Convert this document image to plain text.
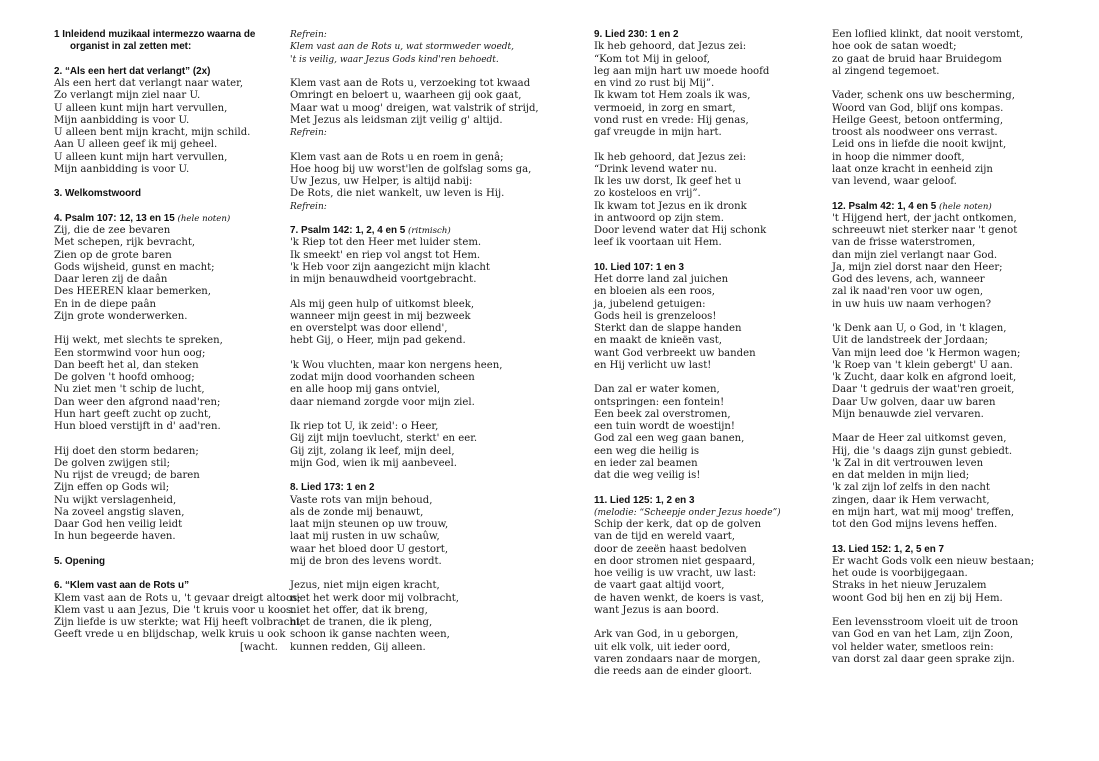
1 Inleidend muzikaal intermezzo waarna de
organist in zal zetten met:
2. “Als een hert dat verlangt” (2x)
Als een hert dat verlangt naar water,
Zo verlangt mijn ziel naar U.
U alleen kunt mijn hart vervullen,
Mijn aanbidding is voor U.
U alleen bent mijn kracht, mijn schild.
Aan U alleen geef ik mij geheel.
U alleen kunt mijn hart vervullen,
Mijn aanbidding is voor U.
3. Welkomstwoord
4. Psalm 107: 12, 13 en 15 (hele noten)
Zij, die de zee bevaren
Met schepen, rijk bevracht,
Zien op de grote baren
Gods wijsheid, gunst en macht;
Daar leren zij de daân
Des HEEREN klaar bemerken,
En in de diepe paân
Zijn grote wonderwerken.
Hij wekt, met slechts te spreken,
Een stormwind voor hun oog;
Dan beeft het al, dan steken
De golven 't hoofd omhoog;
Nu ziet men 't schip de lucht,
Dan weer den afgrond naad'ren;
Hun hart geeft zucht op zucht,
Hun bloed verstijft in d' aad'ren.
Hij doet den storm bedaren;
De golven zwijgen stil;
Nu rijst de vreugd; de baren
Zijn effen op Gods wil;
Nu wijkt verslagenheid,
Na zoveel angstig slaven,
Daar God hen veilig leidt
In hun begeerde haven.
5. Opening
6. “Klem vast aan de Rots u”
Klem vast aan de Rots u, 't gevaar dreigt altoos;
Klem vast u aan Jezus, Die 't kruis voor u koos.
Zijn liefde is uw sterkte; wat Hij heeft volbracht,
Geeft vrede u en blijdschap, welk kruis u ook
[wacht.
Refrein:
Klem vast aan de Rots u, wat stormweder woedt,
't is veilig, waar Jezus Gods kind'ren behoedt.
Klem vast aan de Rots u, verzoeking tot kwaad
Omringt en beloert u, waarheen gij ook gaat,
Maar wat u moog' dreigen, wat valstrik of strijd,
Met Jezus als leidsman zijt veilig g' altijd.
Refrein:
Klem vast aan de Rots u en roem in genâ;
Hoe hoog bij uw worst'len de golfslag soms ga,
Uw Jezus, uw Helper, is altijd nabij:
De Rots, die niet wankelt, uw leven is Hij.
Refrein:
7. Psalm 142: 1, 2, 4 en 5 (ritmisch)
'k Riep tot den Heer met luider stem.
Ik smeekt' en riep vol angst tot Hem.
'k Heb voor zijn aangezicht mijn klacht
in mijn benauwdheid voortgebracht.
Als mij geen hulp of uitkomst bleek,
wanneer mijn geest in mij bezweek
en overstelpt was door ellend',
hebt Gij, o Heer, mijn pad gekend.
'k Wou vluchten, maar kon nergens heen,
zodat mijn dood voorhanden scheen
en alle hoop mij gans ontviel,
daar niemand zorgde voor mijn ziel.
Ik riep tot U, ik zeid': o Heer,
Gij zijt mijn toevlucht, sterkt' en eer.
Gij zijt, zolang ik leef, mijn deel,
mijn God, wien ik mij aanbeveel.
8. Lied 173: 1 en 2
Vaste rots van mijn behoud,
als de zonde mij benauwt,
laat mijn steunen op uw trouw,
laat mij rusten in uw schaûw,
waar het bloed door U gestort,
mij de bron des levens wordt.
Jezus, niet mijn eigen kracht,
niet het werk door mij volbracht,
niet het offer, dat ik breng,
niet de tranen, die ik pleng,
schoon ik ganse nachten ween,
kunnen redden, Gij alleen.
9. Lied 230: 1 en 2
Ik heb gehoord, dat Jezus zei:
“Kom tot Mij in geloof,
leg aan mijn hart uw moede hoofd
en vind zo rust bij Mij”.
Ik kwam tot Hem zoals ik was,
vermoeid, in zorg en smart,
vond rust en vrede: Hij genas,
gaf vreugde in mijn hart.
Ik heb gehoord, dat Jezus zei:
“Drink levend water nu.
Ik les uw dorst, Ik geef het u
zo kosteloos en vrij”.
Ik kwam tot Jezus en ik dronk
in antwoord op zijn stem.
Door levend water dat Hij schonk
leef ik voortaan uit Hem.
10. Lied 107: 1 en 3
Het dorre land zal juichen
en bloeien als een roos,
ja, jubelend getuigen:
Gods heil is grenzeloos!
Sterkt dan de slappe handen
en maakt de knieën vast,
want God verbreekt uw banden
en Hij verlicht uw last!
Dan zal er water komen,
ontspringen: een fontein!
Een beek zal overstromen,
een tuin wordt de woestijn!
God zal een weg gaan banen,
een weg die heilig is
en ieder zal beamen
dat die weg veilig is!
11. Lied 125: 1, 2 en 3
(melodie: “Scheepje onder Jezus hoede”)
Schip der kerk, dat op de golven
van de tijd en wereld vaart,
door de zeeën haast bedolven
en door stromen niet gespaard,
hoe veilig is uw vracht, uw last:
de vaart gaat altijd voort,
de haven wenkt, de koers is vast,
want Jezus is aan boord.
Ark van God, in u geborgen,
uit elk volk, uit ieder oord,
varen zondaars naar de morgen,
die reeds aan de einder gloort.
Een loflied klinkt, dat nooit verstomt,
hoe ook de satan woedt;
zo gaat de bruid haar Bruidegom
al zingend tegemoet.
Vader, schenk ons uw bescherming,
Woord van God, blijf ons kompas.
Heilge Geest, betoon ontferming,
troost als noodweer ons verrast.
Leid ons in liefde die nooit kwijnt,
in hoop die nimmer dooft,
laat onze kracht in eenheid zijn
van levend, waar geloof.
12. Psalm 42: 1, 4 en 5 (hele noten)
't Hijgend hert, der jacht ontkomen,
schreeuwt niet sterker naar 't genot
van de frisse waterstromen,
dan mijn ziel verlangt naar God.
Ja, mijn ziel dorst naar den Heer;
God des levens, ach, wanneer
zal ik naad'ren voor uw ogen,
in uw huis uw naam verhogen?
'k Denk aan U, o God, in 't klagen,
Uit de landstreek der Jordaan;
Van mijn leed doe 'k Hermon wagen;
'k Roep van 't klein gebergt' U aan.
'k Zucht, daar kolk en afgrond loeit,
Daar 't gedruis der waat'ren groeit,
Daar Uw golven, daar uw baren
Mijn benauwde ziel vervaren.
Maar de Heer zal uitkomst geven,
Hij, die 's daags zijn gunst gebiedt.
'k Zal in dit vertrouwen leven
en dat melden in mijn lied;
'k zal zijn lof zelfs in den nacht
zingen, daar ik Hem verwacht,
en mijn hart, wat mij moog' treffen,
tot den God mijns levens heffen.
13. Lied 152: 1, 2, 5 en 7
Er wacht Gods volk een nieuw bestaan;
het oude is voorbijgegaan.
Straks in het nieuw Jeruzalem
woont God bij hen en zij bij Hem.
Een levensstroom vloeit uit de troon
van God en van het Lam, zijn Zoon,
vol helder water, smetloos rein:
van dorst zal daar geen sprake zijn.
